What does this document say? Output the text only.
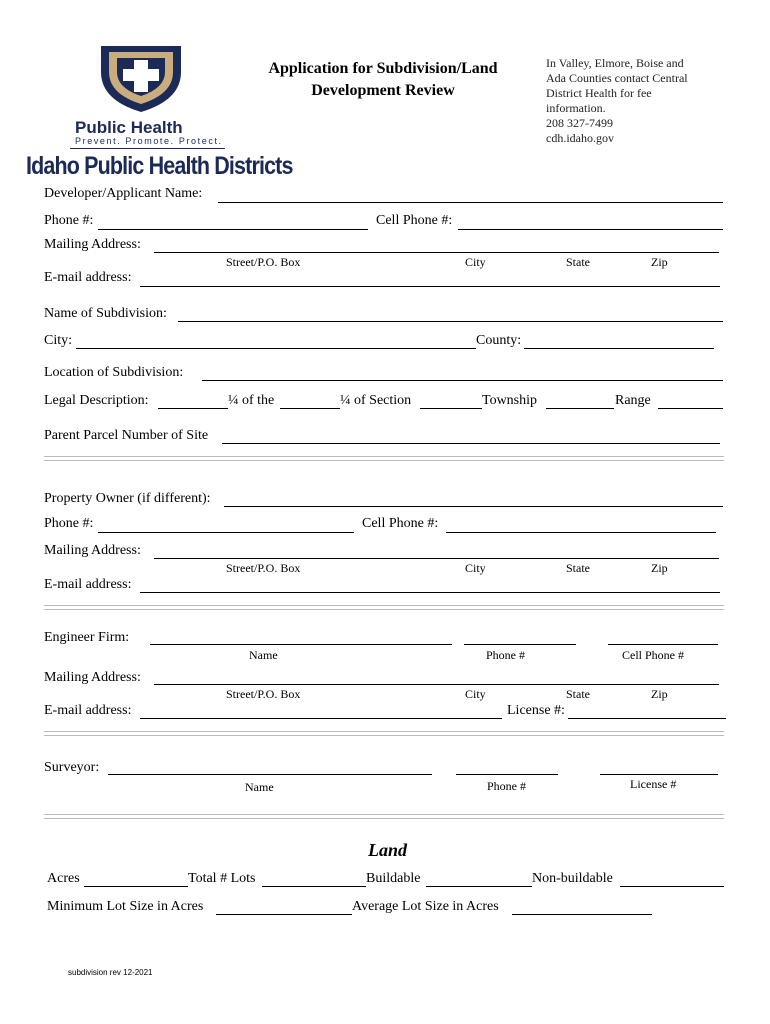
Public Health
Prevent. Promote. Protect.
Idaho Public Health Districts
Application for Subdivision/Land
Development Review
In Valley, Elmore, Boise and
Ada Counties contact Central
District Health for fee
information.
208 327-7499
cdh.idaho.gov
Developer/Applicant Name:
Phone #:	Cell Phone #:
Mailing Address:
Street/P.O. Box	City	State	Zip
E-mail address:
Name of Subdivision:
City:	County:
Location of Subdivision:
Legal Description:	¼ of the	¼ of Section	Township	Range
Parent Parcel Number of Site
Property Owner (if different):
Phone #:	Cell Phone #:
Mailing Address:
Street/P.O. Box	City	State	Zip
E-mail address:
Engineer Firm:
Name	Phone #	Cell Phone #
Mailing Address:
Street/P.O. Box	City	State	Zip
E-mail address:	License #:
Surveyor:
Name	Phone #	License #
Land
Acres	Total # Lots	Buildable	Non-buildable
Minimum Lot Size in Acres	Average Lot Size in Acres
subdivision rev 12-2021
